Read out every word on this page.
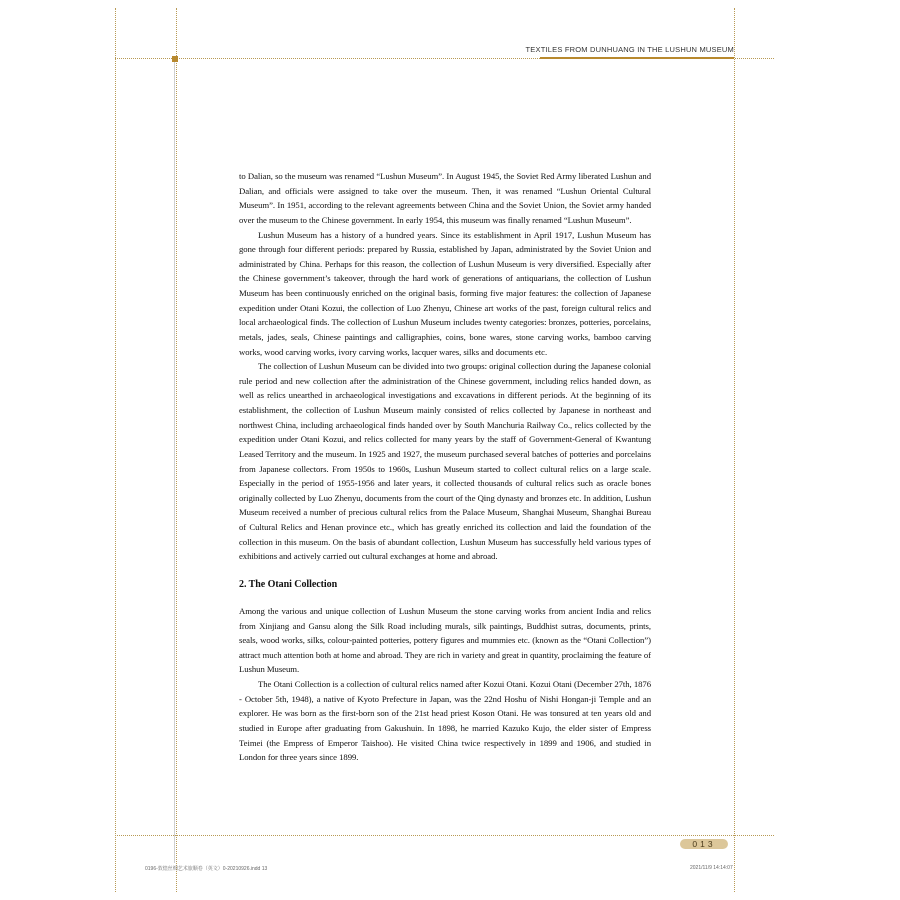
TEXTILES FROM DUNHUANG IN THE LUSHUN MUSEUM

to Dalian, so the museum was renamed “Lushun Museum”. In August 1945, the Soviet Red Army liberated Lushun and Dalian, and officials were assigned to take over the museum. Then, it was renamed “Lushun Oriental Cultural Museum”. In 1951, according to the relevant agreements between China and the Soviet Union, the Soviet army handed over the museum to the Chinese government. In early 1954, this museum was finally renamed “Lushun Museum”.

Lushun Museum has a history of a hundred years. Since its establishment in April 1917, Lushun Museum has gone through four different periods: prepared by Russia, established by Japan, administrated by the Soviet Union and administrated by China. Perhaps for this reason, the collection of Lushun Museum is very diversified. Especially after the Chinese government’s takeover, through the hard work of generations of antiquarians, the collection of Lushun Museum has been continuously enriched on the original basis, forming five major features: the collection of Japanese expedition under Otani Kozui, the collection of Luo Zhenyu, Chinese art works of the past, foreign cultural relics and local archaeological finds. The collection of Lushun Museum includes twenty categories: bronzes, potteries, porcelains, metals, jades, seals, Chinese paintings and calligraphies, coins, bone wares, stone carving works, bamboo carving works, wood carving works, ivory carving works, lacquer wares, silks and documents etc.

The collection of Lushun Museum can be divided into two groups: original collection during the Japanese colonial rule period and new collection after the administration of the Chinese government, including relics handed down, as well as relics unearthed in archaeological investigations and excavations in different periods. At the beginning of its establishment, the collection of Lushun Museum mainly consisted of relics collected by Japanese in northeast and northwest China, including archaeological finds handed over by South Manchuria Railway Co., relics collected by the expedition under Otani Kozui, and relics collected for many years by the staff of Government-General of Kwantung Leased Territory and the museum. In 1925 and 1927, the museum purchased several batches of potteries and porcelains from Japanese collectors. From 1950s to 1960s, Lushun Museum started to collect cultural relics on a large scale. Especially in the period of 1955-1956 and later years, it collected thousands of cultural relics such as oracle bones originally collected by Luo Zhenyu, documents from the court of the Qing dynasty and bronzes etc. In addition, Lushun Museum received a number of precious cultural relics from the Palace Museum, Shanghai Museum, Shanghai Bureau of Cultural Relics and Henan province etc., which has greatly enriched its collection and laid the foundation of the collection in this museum. On the basis of abundant collection, Lushun Museum has successfully held various types of exhibitions and actively carried out cultural exchanges at home and abroad.

2. The Otani Collection

Among the various and unique collection of Lushun Museum the stone carving works from ancient India and relics from Xinjiang and Gansu along the Silk Road including murals, silk paintings, Buddhist sutras, documents, prints, seals, wood works, silks, colour-painted potteries, pottery figures and mummies etc. (known as the “Otani Collection”) attract much attention both at home and abroad. They are rich in variety and great in quantity, proclaiming the feature of Lushun Museum.

The Otani Collection is a collection of cultural relics named after Kozui Otani. Kozui Otani (December 27th, 1876 - October 5th, 1948), a native of Kyoto Prefecture in Japan, was the 22nd Hoshu of Nishi Hongan-ji Temple and an explorer. He was born as the first-born son of the 21st head priest Koson Otani. He was tonsured at ten years old and studied in Europe after graduating from Gakushuin. In 1898, he married Kazuko Kujo, the elder sister of Empress Teimei (the Empress of Emperor Taishoo). He visited China twice respectively in 1899 and 1906, and studied in London for three years since 1899.

013
0196-敦煌丝绸艺术旅顺卷（英文）0-20210926.indd 13	2021/11/9 14:14:07
